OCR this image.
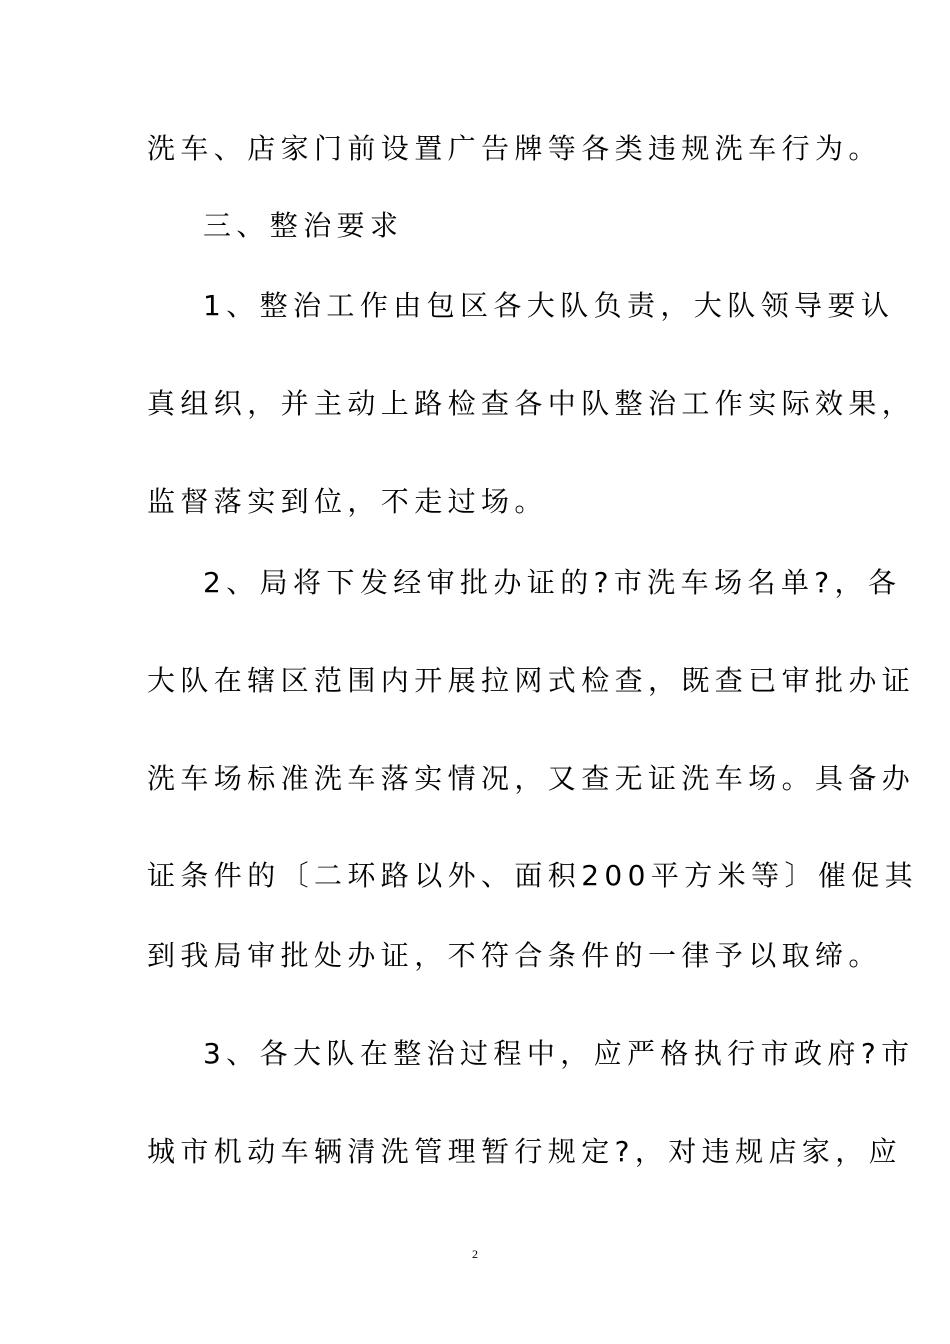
洗车、店家门前设置广告牌等各类违规洗车行为。
三、整治要求
1、整治工作由包区各大队负责，大队领导要认
真组织，并主动上路检查各中队整治工作实际效果，
监督落实到位，不走过场。
2、局将下发经审批办证的?市洗车场名单?，各
大队在辖区范围内开展拉网式检查，既查已审批办证
洗车场标准洗车落实情况，又查无证洗车场。具备办
证条件的〔二环路以外、面积200平方米等〕催促其
到我局审批处办证，不符合条件的一律予以取缔。
3、各大队在整治过程中，应严格执行市政府?市
城市机动车辆清洗管理暂行规定?，对违规店家，应
2
